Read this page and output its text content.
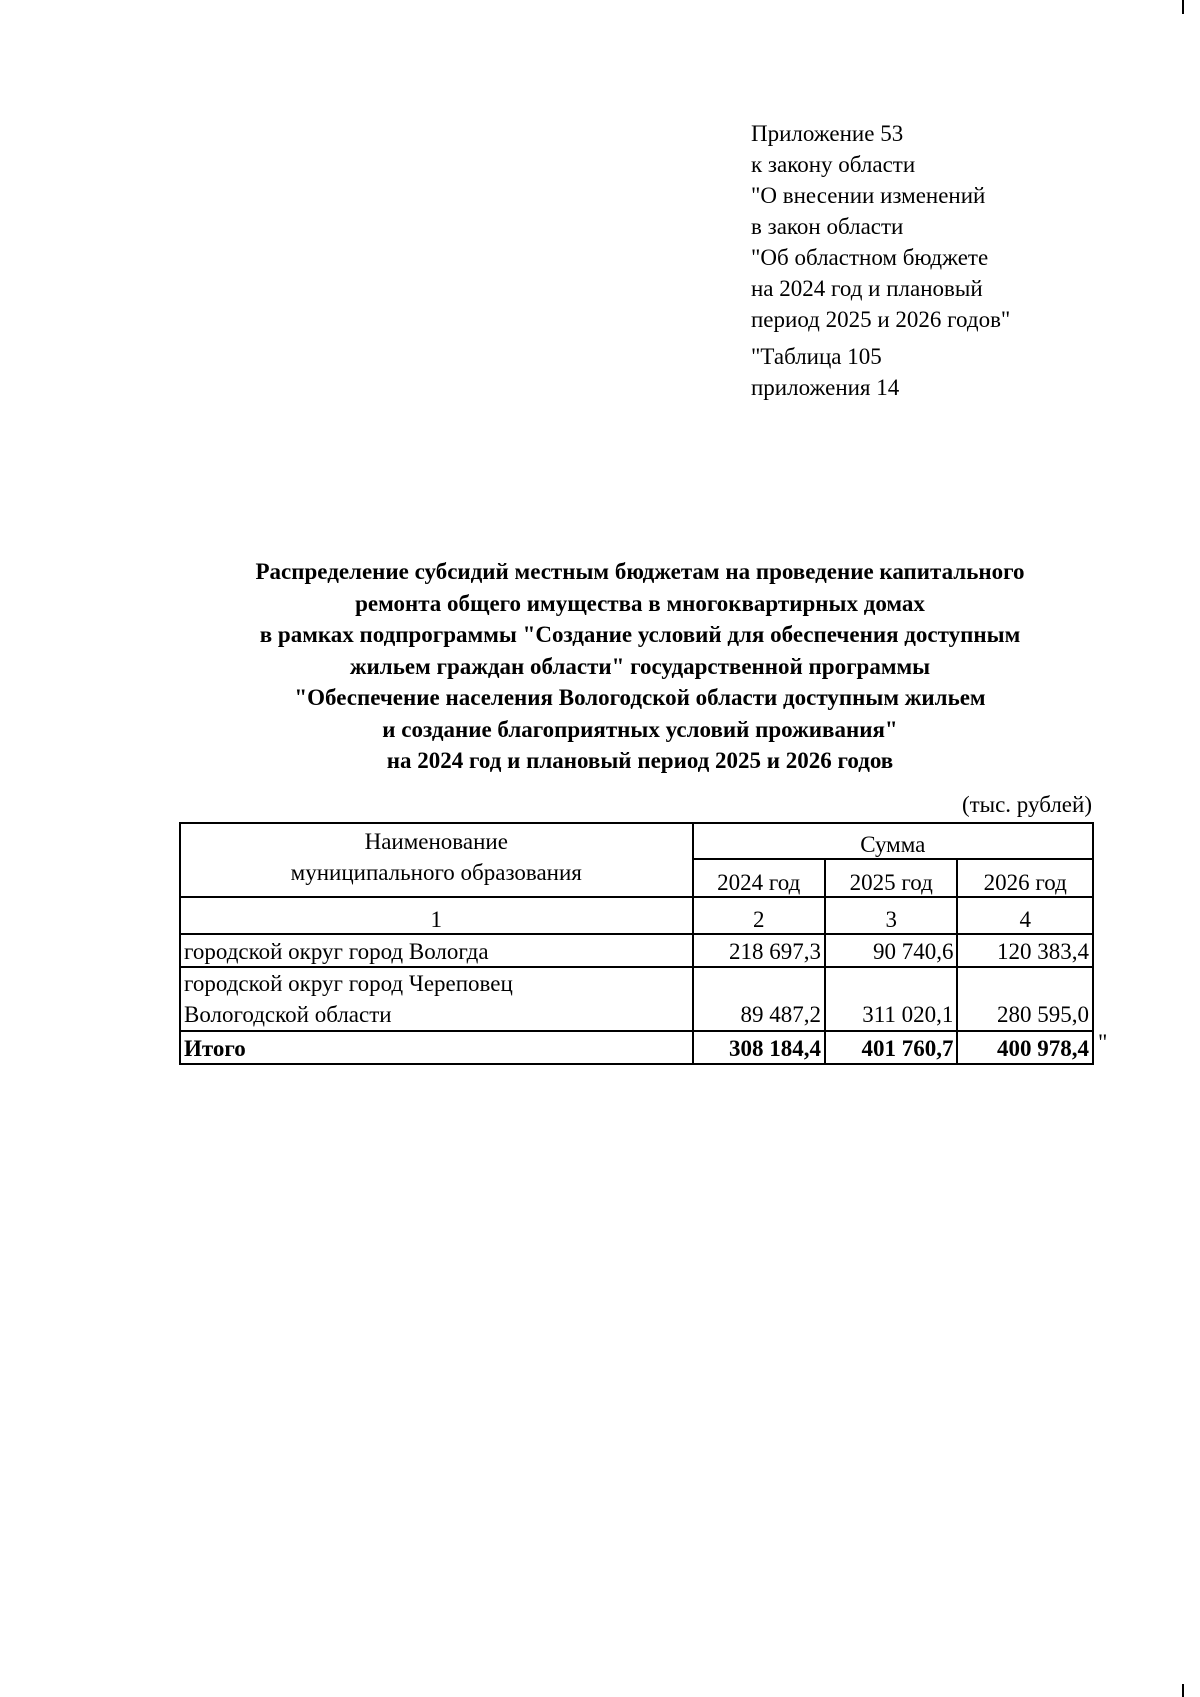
Приложение 53
к закону области
"О внесении изменений
в закон области
"Об областном бюджете
на 2024 год и плановый
период 2025 и 2026 годов"
"Таблица 105
приложения 14
Распределение субсидий местным бюджетам на проведение капитального
ремонта общего имущества в многоквартирных домах
в рамках подпрограммы "Создание условий для обеспечения доступным
жильем граждан области" государственной программы
"Обеспечение населения Вологодской области доступным жильем
и создание благоприятных условий проживания"
на 2024 год и плановый период 2025 и 2026 годов
(тыс. рублей)
Наименование
муниципального образования	Сумма		
	2024 год	2025 год	2026 год
1	2	3	4

городской округ город Вологда	218 697,3	90 740,6	120 383,4

городской округ город Череповец
Вологодской области	89 487,2	311 020,1	280 595,0
Итого	308 184,4	401 760,7	400 978,4 "
